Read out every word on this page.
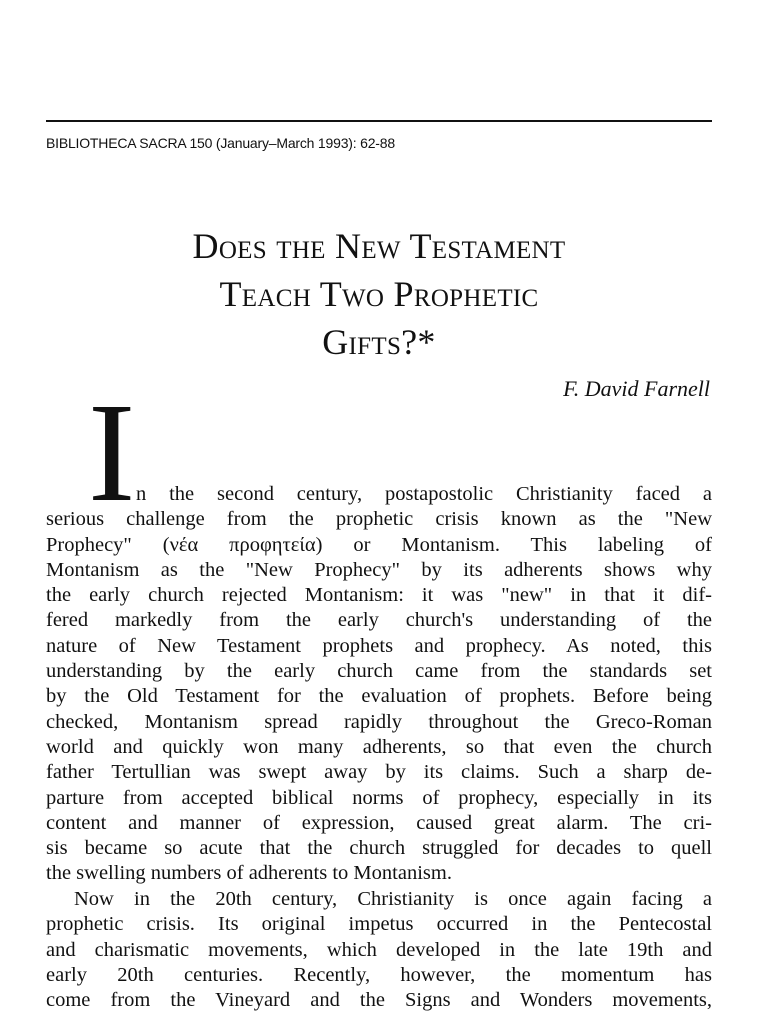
BIBLIOTHECA SACRA 150 (January–March 1993): 62-88
Does the New Testament
Teach Two Prophetic
Gifts?*
F. David Farnell
I n the second century, postapostolic Christianity faced a
serious challenge from the prophetic crisis known as the "New
Prophecy" (νέα προφητεία) or Montanism. This labeling of
Montanism as the "New Prophecy" by its adherents shows why
the early church rejected Montanism: it was "new" in that it dif-
fered markedly from the early church's understanding of the
nature of New Testament prophets and prophecy. As noted, this
understanding by the early church came from the standards set
by the Old Testament for the evaluation of prophets. Before being
checked, Montanism spread rapidly throughout the Greco-Roman
world and quickly won many adherents, so that even the church
father Tertullian was swept away by its claims. Such a sharp de-
parture from accepted biblical norms of prophecy, especially in its
content and manner of expression, caused great alarm. The cri-
sis became so acute that the church struggled for decades to quell
the swelling numbers of adherents to Montanism.
Now in the 20th century, Christianity is once again facing a
prophetic crisis. Its original impetus occurred in the Pentecostal
and charismatic movements, which developed in the late 19th and
early 20th centuries. Recently, however, the momentum has
come from the Vineyard and the Signs and Wonders movements,
